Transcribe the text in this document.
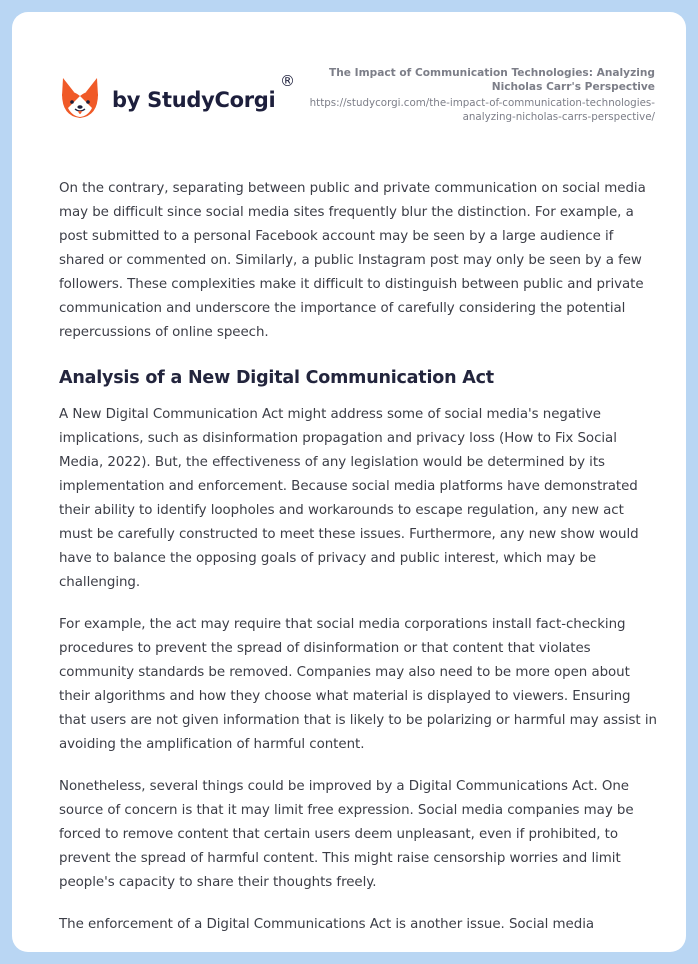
by StudyCorgi
®	The Impact of Communication Technologies: Analyzing Nicholas Carr's Perspective
https://studycorgi.com/the-impact-of-communication-technologies-analyzing-nicholas-carrs-perspective/

On the contrary, separating between public and private communication on social media may be difficult since social media sites frequently blur the distinction. For example, a post submitted to a personal Facebook account may be seen by a large audience if shared or commented on. Similarly, a public Instagram post may only be seen by a few followers. These complexities make it difficult to distinguish between public and private communication and underscore the importance of carefully considering the potential repercussions of online speech.

Analysis of a New Digital Communication Act

A New Digital Communication Act might address some of social media's negative implications, such as disinformation propagation and privacy loss (How to Fix Social Media, 2022). But, the effectiveness of any legislation would be determined by its implementation and enforcement. Because social media platforms have demonstrated their ability to identify loopholes and workarounds to escape regulation, any new act must be carefully constructed to meet these issues. Furthermore, any new show would have to balance the opposing goals of privacy and public interest, which may be challenging.

For example, the act may require that social media corporations install fact-checking procedures to prevent the spread of disinformation or that content that violates community standards be removed. Companies may also need to be more open about their algorithms and how they choose what material is displayed to viewers. Ensuring that users are not given information that is likely to be polarizing or harmful may assist in avoiding the amplification of harmful content.

Nonetheless, several things could be improved by a Digital Communications Act. One source of concern is that it may limit free expression. Social media companies may be forced to remove content that certain users deem unpleasant, even if prohibited, to prevent the spread of harmful content. This might raise censorship worries and limit people's capacity to share their thoughts freely.

The enforcement of a Digital Communications Act is another issue. Social media
